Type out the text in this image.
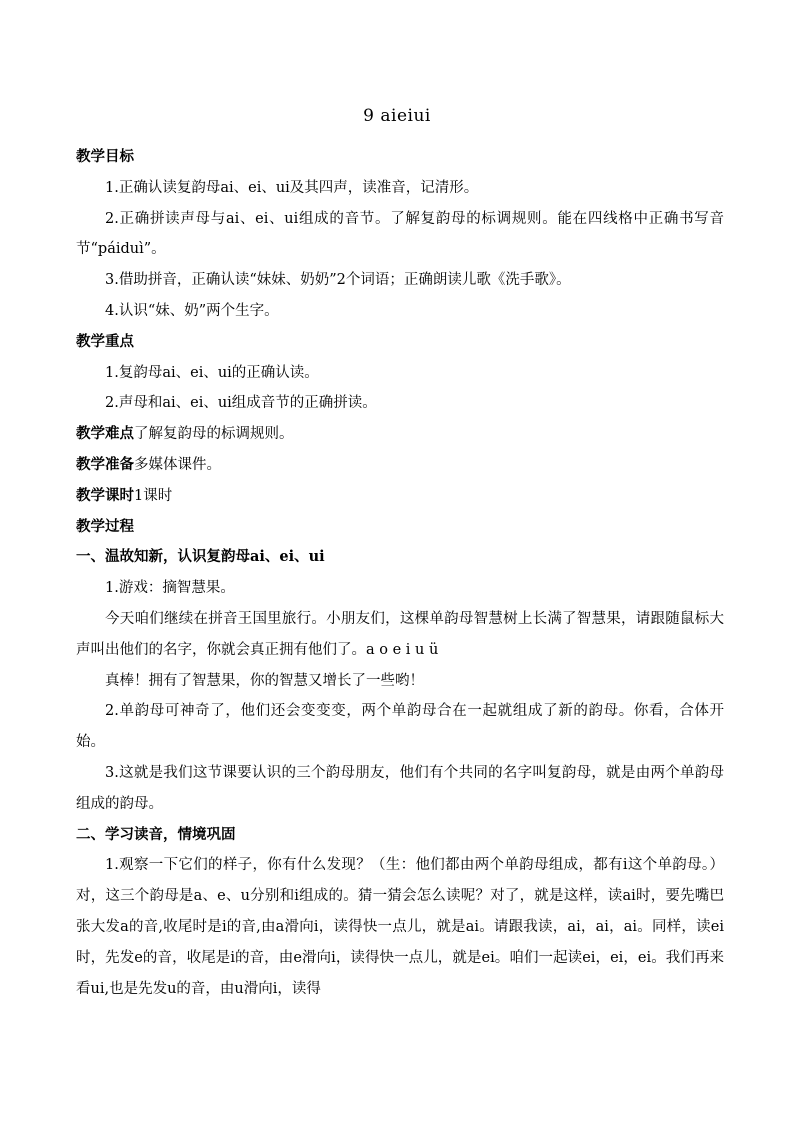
9 aieiui

教学目标

1.正确认读复韵母ai、ei、ui及其四声，读准音，记清形。

2.正确拼读声母与ai、ei、ui组成的音节。了解复韵母的标调规则。能在四线格中正确书写音节“páiduì”。

3.借助拼音，正确认读“妹妹、奶奶”2个词语；正确朗读儿歌《洗手歌》。

4.认识“妹、奶”两个生字。

教学重点

1.复韵母ai、ei、ui的正确认读。

2.声母和ai、ei、ui组成音节的正确拼读。

教学难点了解复韵母的标调规则。

教学准备多媒体课件。

教学课时1课时

教学过程

一、温故知新，认识复韵母ai、ei、ui

1.游戏：摘智慧果。

今天咱们继续在拼音王国里旅行。小朋友们，这棵单韵母智慧树上长满了智慧果，请跟随鼠标大声叫出他们的名字，你就会真正拥有他们了。a o e i u ü

真棒！拥有了智慧果，你的智慧又增长了一些哟！

2.单韵母可神奇了，他们还会变变变，两个单韵母合在一起就组成了新的韵母。你看，合体开始。

3.这就是我们这节课要认识的三个韵母朋友，他们有个共同的名字叫复韵母，就是由两个单韵母组成的韵母。

二、学习读音，情境巩固

1.观察一下它们的样子，你有什么发现？（生：他们都由两个单韵母组成，都有i这个单韵母。）对，这三个韵母是a、e、u分别和i组成的。猜一猜会怎么读呢？对了，就是这样，读ai时，要先嘴巴张大发a的音,收尾时是i的音,由a滑向i，读得快一点儿，就是ai。请跟我读，ai，ai，ai。同样，读ei时，先发e的音，收尾是i的音，由e滑向i，读得快一点儿，就是ei。咱们一起读ei，ei，ei。我们再来看ui,也是先发u的音，由u滑向i，读得
